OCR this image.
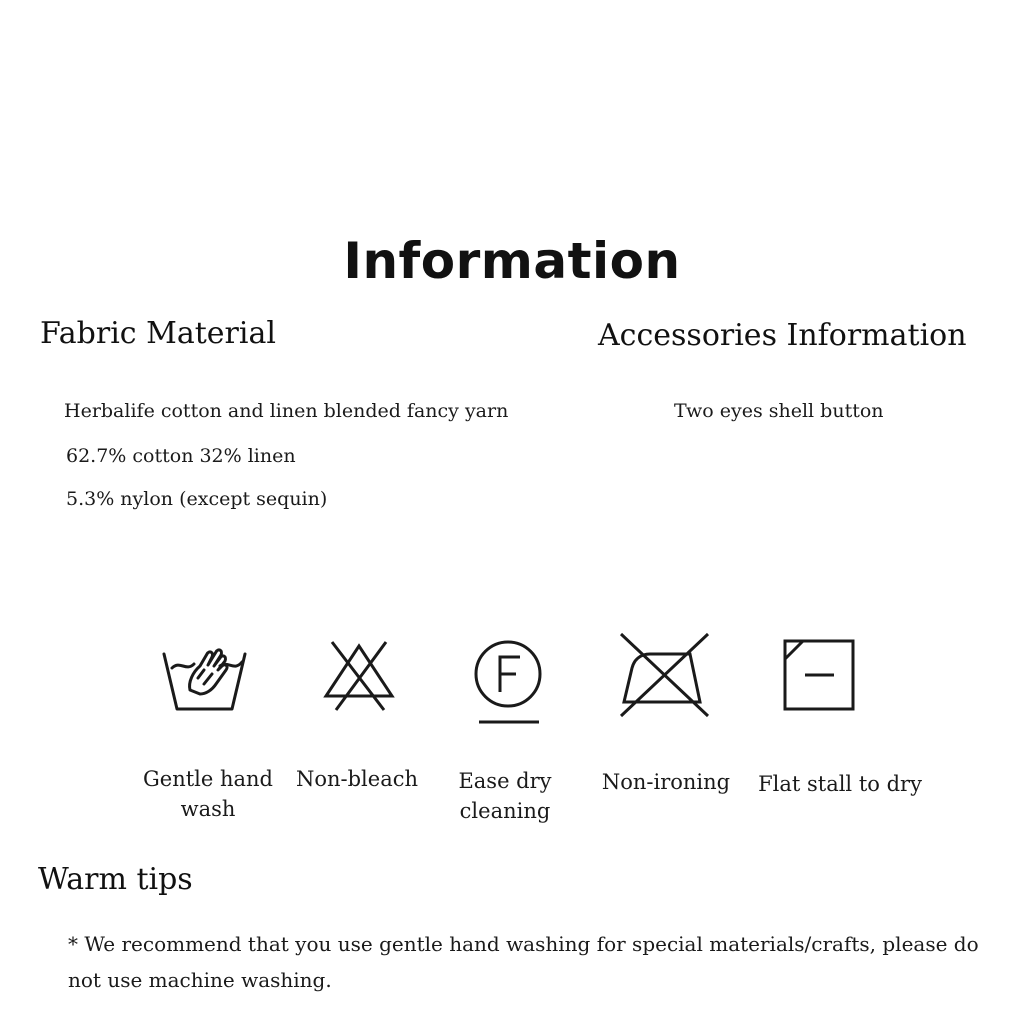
Information
Fabric Material
Herbalife cotton and linen blended fancy yarn
62.7% cotton 32% linen
5.3% nylon (except sequin)
Accessories Information
Two eyes shell button
Gentle hand
wash
Non-bleach	Ease dry
cleaning
Non-ironing	Flat stall to dry
Warm tips
* We recommend that you use gentle hand washing for special materials/crafts, please do not use machine washing.
